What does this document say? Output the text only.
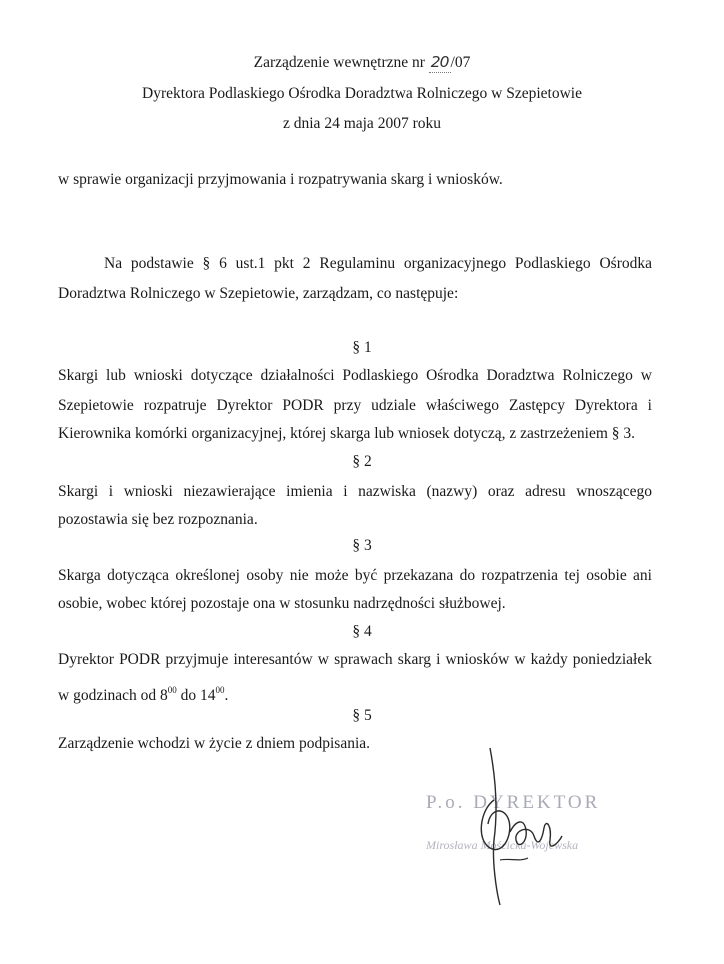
Zarządzenie wewnętrzne nr 20 /07
Dyrektora Podlaskiego Ośrodka Doradztwa Rolniczego w Szepietowie
z dnia 24 maja 2007 roku
w sprawie organizacji przyjmowania i rozpatrywania skarg i wniosków.
Na podstawie § 6 ust.1 pkt 2 Regulaminu organizacyjnego Podlaskiego Ośrodka
Doradztwa Rolniczego w Szepietowie, zarządzam, co następuje:
§ 1
Skargi lub wnioski dotyczące działalności Podlaskiego Ośrodka Doradztwa Rolniczego w
Szepietowie rozpatruje Dyrektor PODR przy udziale właściwego Zastępcy Dyrektora i
Kierownika komórki organizacyjnej, której skarga lub wniosek dotyczą, z zastrzeżeniem § 3.
§ 2
Skargi i wnioski niezawierające imienia i nazwiska (nazwy) oraz adresu wnoszącego
pozostawia się bez rozpoznania.
§ 3
Skarga dotycząca określonej osoby nie może być przekazana do rozpatrzenia tej osobie ani
osobie, wobec której pozostaje ona w stosunku nadrzędności służbowej.
§ 4
Dyrektor PODR przyjmuje interesantów w sprawach skarg i wniosków w każdy poniedziałek
w godzinach od $8^{00}$ do $14^{00}$.
§ 5
Zarządzenie wchodzi w życie z dniem podpisania.
P.o. DYREKTOR
Mirosława Mościcka-Wojewska
